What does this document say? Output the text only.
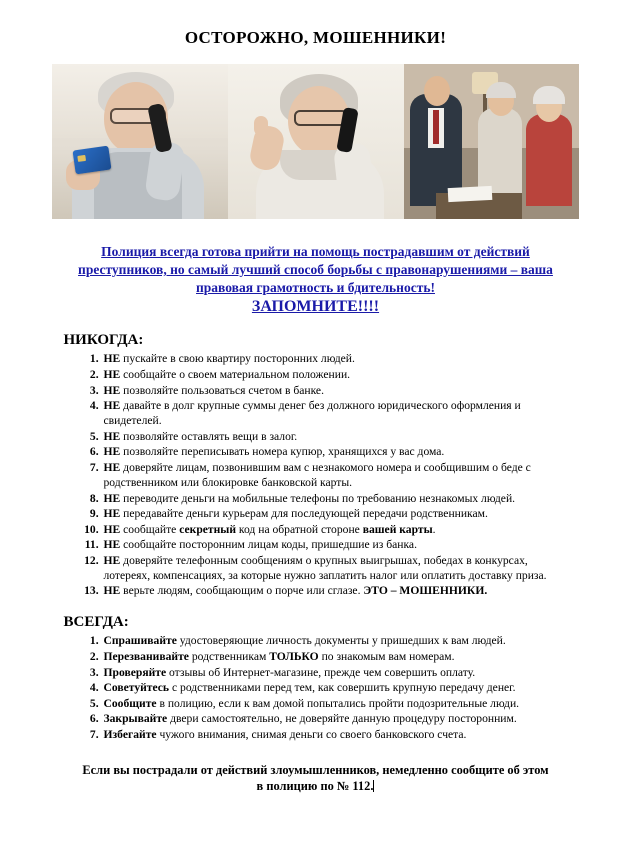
ОСТОРОЖНО, МОШЕННИКИ!
Полиция всегда готова прийти на помощь пострадавшим от действий преступников, но самый лучший способ борьбы с правонарушениями – ваша правовая грамотность и бдительность!
ЗАПОМНИТЕ!!!!
НИКОГДА:
1. НЕ пускайте в свою квартиру посторонних людей.
2. НЕ сообщайте о своем материальном положении.
3. НЕ позволяйте пользоваться счетом в банке.
4. НЕ давайте в долг крупные суммы денег без должного юридического оформления и свидетелей.
5. НЕ позволяйте оставлять вещи в залог.
6. НЕ позволяйте переписывать номера купюр, хранящихся у вас дома.
7. НЕ доверяйте лицам, позвонившим вам с незнакомого номера и сообщившим о беде с родственником или блокировке банковской карты.
8. НЕ переводите деньги на мобильные телефоны по требованию незнакомых людей.
9. НЕ передавайте деньги курьерам для последующей передачи родственникам.
10. НЕ сообщайте секретный код на обратной стороне вашей карты.
11. НЕ сообщайте посторонним лицам коды, пришедшие из банка.
12. НЕ доверяйте телефонным сообщениям о крупных выигрышах, победах в конкурсах, лотереях, компенсациях, за которые нужно заплатить налог или оплатить доставку приза.
13. НЕ верьте людям, сообщающим о порче или сглазе. ЭТО – МОШЕННИКИ.
ВСЕГДА:
1. Спрашивайте удостоверяющие личность документы у пришедших к вам людей.
2. Перезванивайте родственникам ТОЛЬКО по знакомым вам номерам.
3. Проверяйте отзывы об Интернет-магазине, прежде чем совершить оплату.
4. Советуйтесь с родственниками перед тем, как совершить крупную передачу денег.
5. Сообщите в полицию, если к вам домой попытались пройти подозрительные люди.
6. Закрывайте двери самостоятельно, не доверяйте данную процедуру посторонним.
7. Избегайте чужого внимания, снимая деньги со своего банковского счета.
Если вы пострадали от действий злоумышленников, немедленно сообщите об этом в полицию по № 112.
